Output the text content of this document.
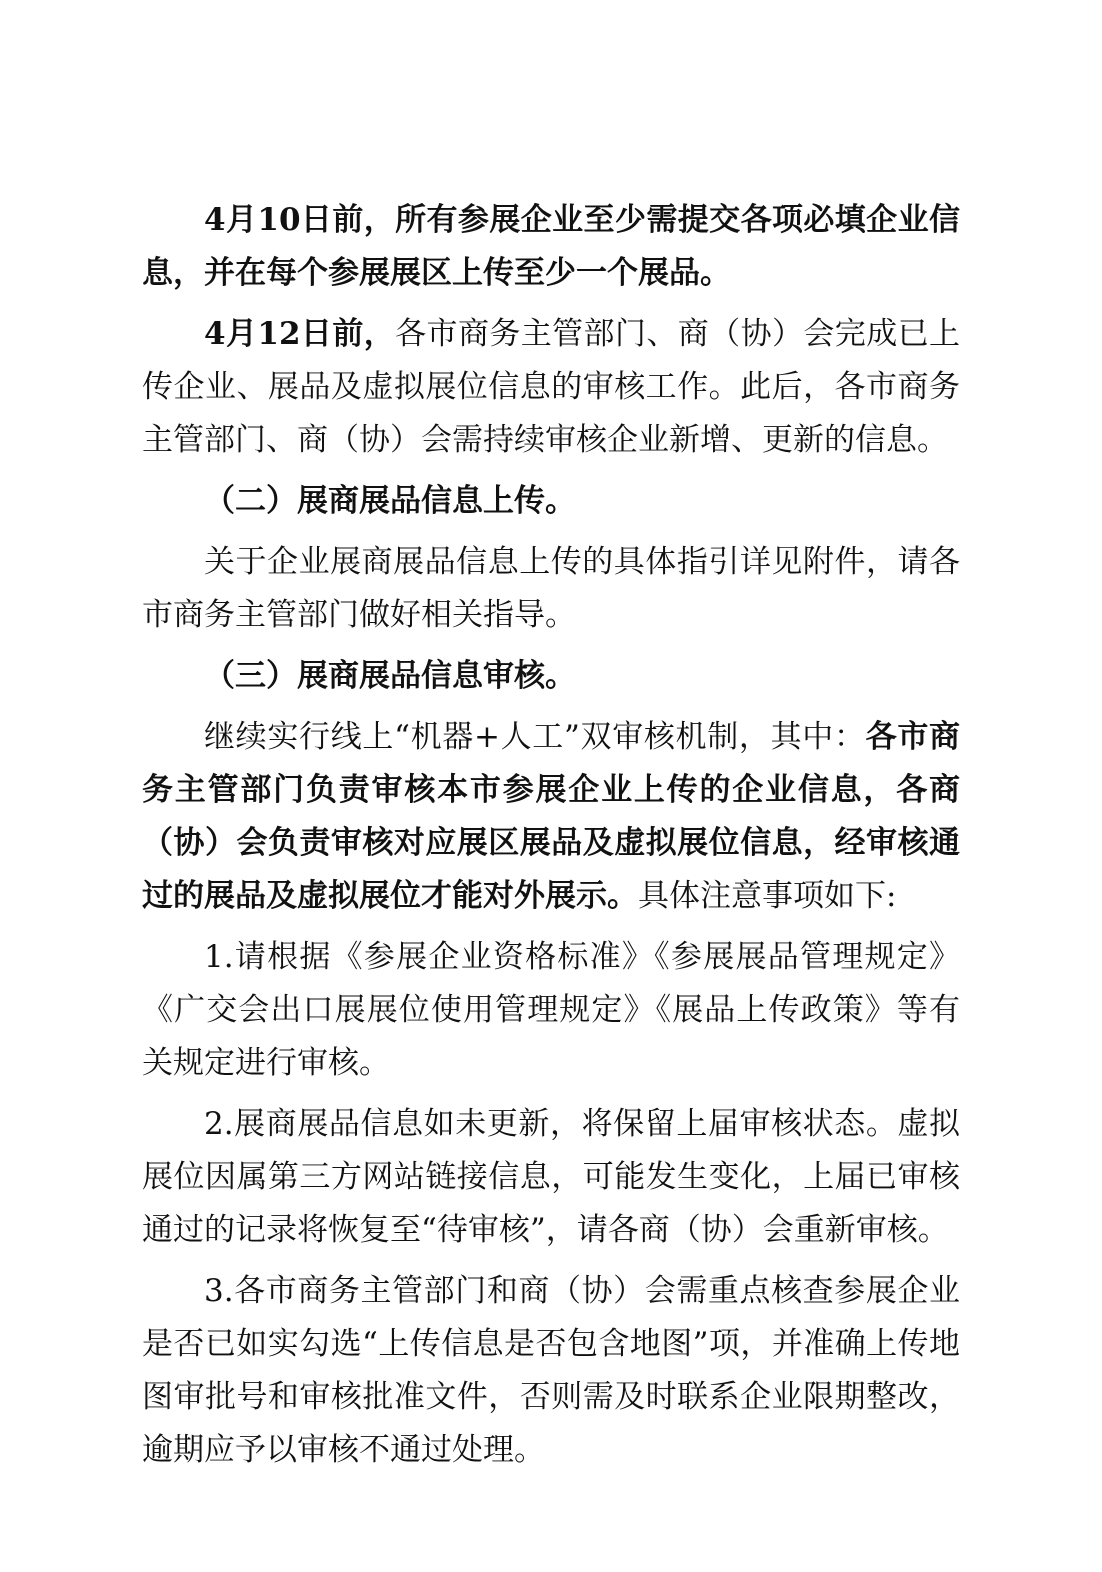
4月10日前，所有参展企业至少需提交各项必填企业信息，并在每个参展展区上传至少一个展品。

4月12日前，各市商务主管部门、商（协）会完成已上传企业、展品及虚拟展位信息的审核工作。此后，各市商务主管部门、商（协）会需持续审核企业新增、更新的信息。

（二）展商展品信息上传。

关于企业展商展品信息上传的具体指引详见附件，请各市商务主管部门做好相关指导。

（三）展商展品信息审核。

继续实行线上“机器+人工”双审核机制，其中：各市商务主管部门负责审核本市参展企业上传的企业信息，各商（协）会负责审核对应展区展品及虚拟展位信息，经审核通过的展品及虚拟展位才能对外展示。具体注意事项如下:

1.请根据《参展企业资格标准》《参展展品管理规定》《广交会出口展展位使用管理规定》《展品上传政策》等有关规定进行审核。

2.展商展品信息如未更新，将保留上届审核状态。虚拟展位因属第三方网站链接信息，可能发生变化，上届已审核通过的记录将恢复至“待审核”，请各商（协）会重新审核。

3.各市商务主管部门和商（协）会需重点核查参展企业是否已如实勾选“上传信息是否包含地图”项，并准确上传地图审批号和审核批准文件，否则需及时联系企业限期整改，逾期应予以审核不通过处理。
